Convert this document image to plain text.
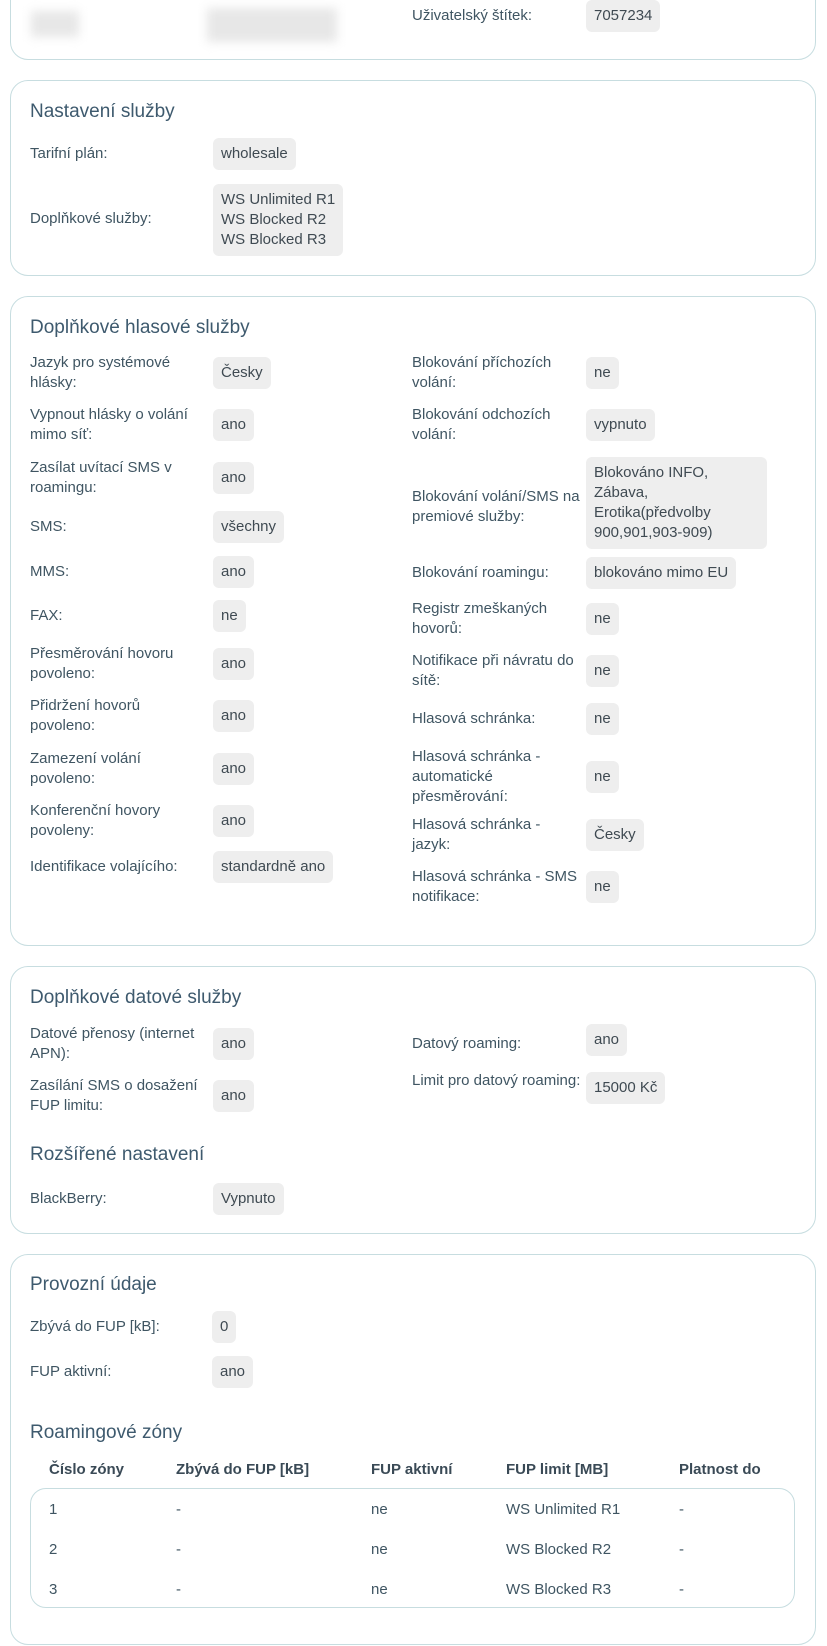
Uživatelský štítek:	7057234
Nastavení služby
Tarifní plán:	wholesale
Doplňkové služby:
WS Unlimited R1
WS Blocked R2
WS Blocked R3
Doplňkové hlasové služby
Jazyk pro systémové hlásky:
Česky
Vypnout hlásky o volání mimo síť:
ano
Zasílat uvítací SMS v roamingu:
ano
SMS:	všechny
MMS:	ano
FAX:	ne
Přesměrování hovoru povoleno:
ano
Přidržení hovorů povoleno:
ano
Zamezení volání povoleno:
ano
Konferenční hovory povoleny:
ano
Identifikace volajícího:	standardně ano
Blokování příchozích volání:
ne
Blokování odchozích volání:
vypnuto
Blokování volání/SMS na premiové služby:
Blokováno INFO,
Zábava,
Erotika(předvolby
900,901,903-909)
Blokování roamingu:	blokováno mimo EU
Registr zmeškaných hovorů:
ne
Notifikace při návratu do sítě:
ne
Hlasová schránka:	ne
Hlasová schránka - automatické přesměrování:
ne
Hlasová schránka - jazyk:
Česky
Hlasová schránka - SMS notifikace:
ne
Doplňkové datové služby
Datové přenosy (internet APN):
ano
Zasílání SMS o dosažení FUP limitu:
ano
Datový roaming:	ano
Limit pro datový roaming: 15000 Kč
Rozšířené nastavení
BlackBerry:	Vypnuto
Provozní údaje
Zbývá do FUP [kB]:	0
FUP aktivní:	ano
Roamingové zóny
Číslo zóny	Zbývá do FUP [kB]	FUP aktivní	FUP limit [MB]	Platnost do
1	-	ne	WS Unlimited R1	-
2	-	ne	WS Blocked R2	-
3	-	ne	WS Blocked R3	-
